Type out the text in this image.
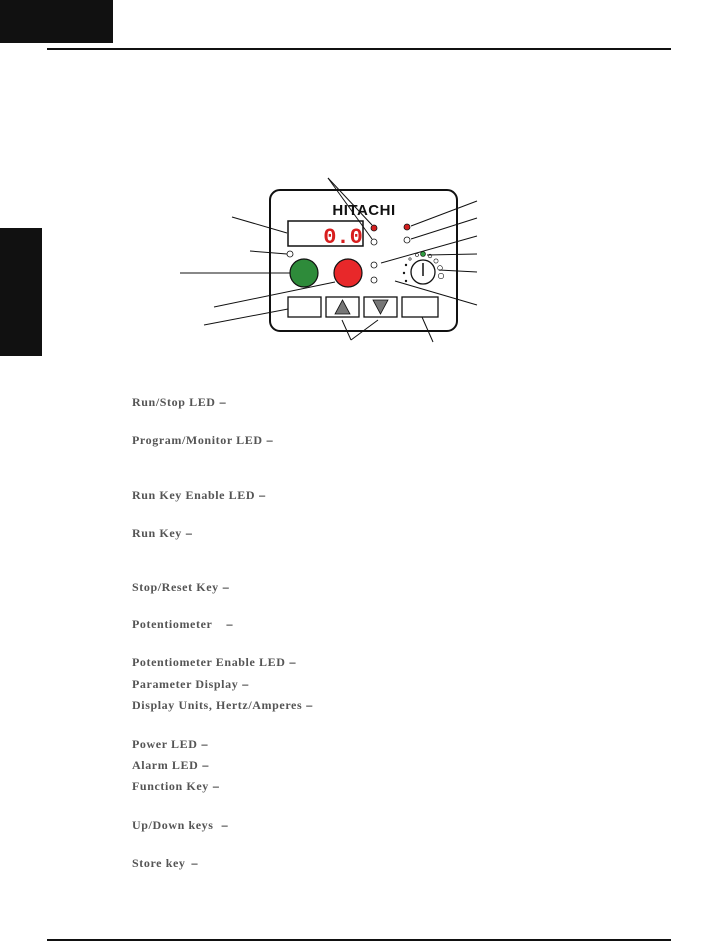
HITACHI
0.0
Run/Stop LED –
Program/Monitor LED –
Run Key Enable LED –
Run Key –
Stop/Reset Key –
Potentiometer –
Potentiometer Enable LED –
Parameter Display –
Display Units, Hertz/Amperes –
Power LED –
Alarm LED –
Function Key –
Up/Down keys –
Store key –
